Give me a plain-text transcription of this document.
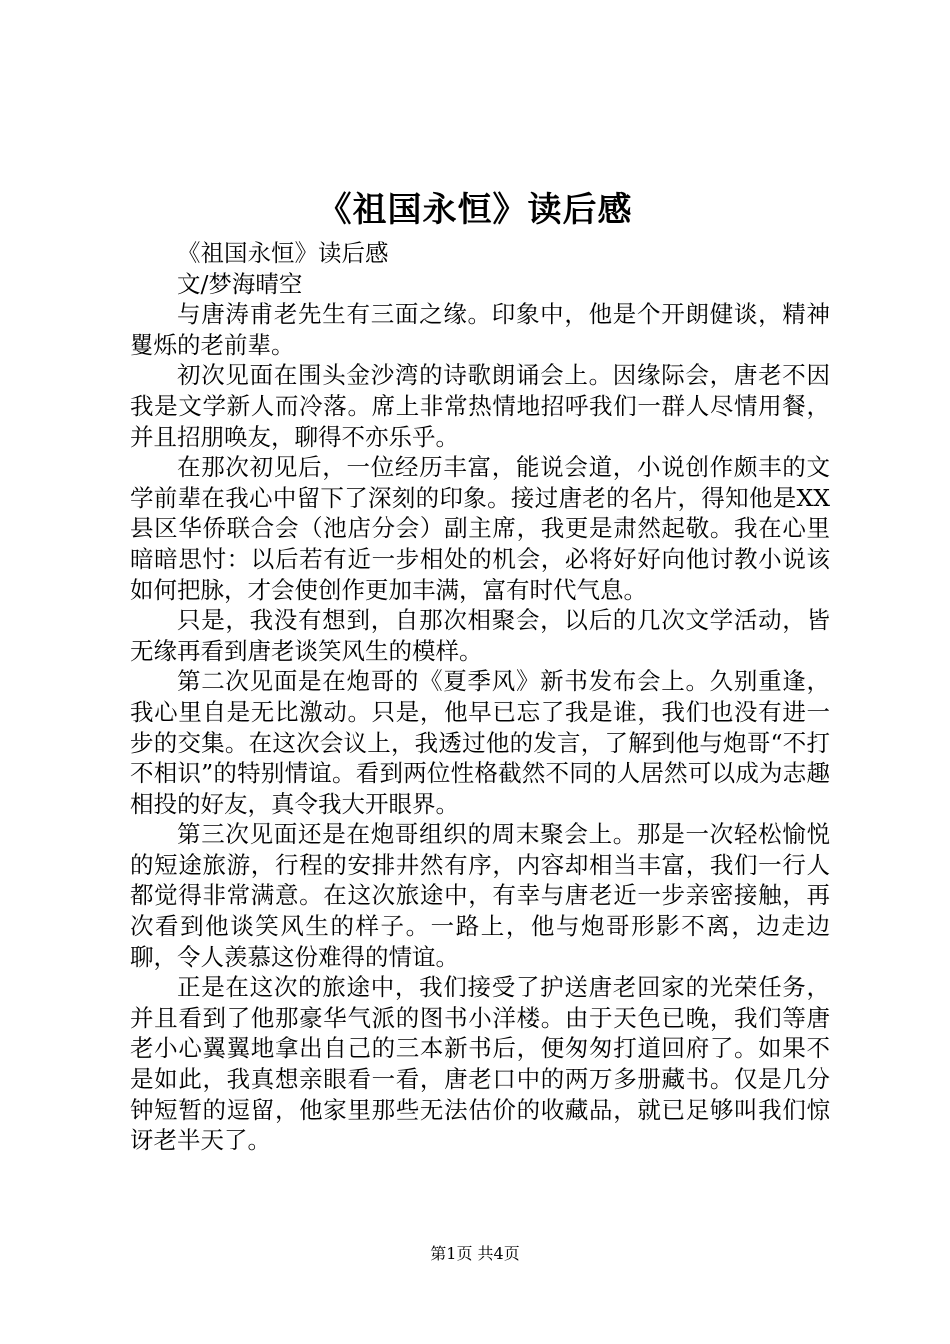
《祖国永恒》读后感

《祖国永恒》读后感

文/梦海晴空

与唐涛甫老先生有三面之缘。印象中，他是个开朗健谈，精神矍烁的老前辈。

初次见面在围头金沙湾的诗歌朗诵会上。因缘际会，唐老不因我是文学新人而冷落。席上非常热情地招呼我们一群人尽情用餐，并且招朋唤友，聊得不亦乐乎。

在那次初见后，一位经历丰富，能说会道，小说创作颇丰的文学前辈在我心中留下了深刻的印象。接过唐老的名片，得知他是XX县区华侨联合会（池店分会）副主席，我更是肃然起敬。我在心里暗暗思忖：以后若有近一步相处的机会，必将好好向他讨教小说该如何把脉，才会使创作更加丰满，富有时代气息。

只是，我没有想到，自那次相聚会，以后的几次文学活动，皆无缘再看到唐老谈笑风生的模样。

第二次见面是在炮哥的《夏季风》新书发布会上。久别重逢，我心里自是无比激动。只是，他早已忘了我是谁，我们也没有进一步的交集。在这次会议上，我透过他的发言，了解到他与炮哥“不打不相识”的特别情谊。看到两位性格截然不同的人居然可以成为志趣相投的好友，真令我大开眼界。

第三次见面还是在炮哥组织的周末聚会上。那是一次轻松愉悦的短途旅游，行程的安排井然有序，内容却相当丰富，我们一行人都觉得非常满意。在这次旅途中，有幸与唐老近一步亲密接触，再次看到他谈笑风生的样子。一路上，他与炮哥形影不离，边走边聊，令人羡慕这份难得的情谊。

正是在这次的旅途中，我们接受了护送唐老回家的光荣任务，并且看到了他那豪华气派的图书小洋楼。由于天色已晚，我们等唐老小心翼翼地拿出自己的三本新书后，便匆匆打道回府了。如果不是如此，我真想亲眼看一看，唐老口中的两万多册藏书。仅是几分钟短暂的逗留，他家里那些无法估价的收藏品，就已足够叫我们惊讶老半天了。

第1页 共4页
